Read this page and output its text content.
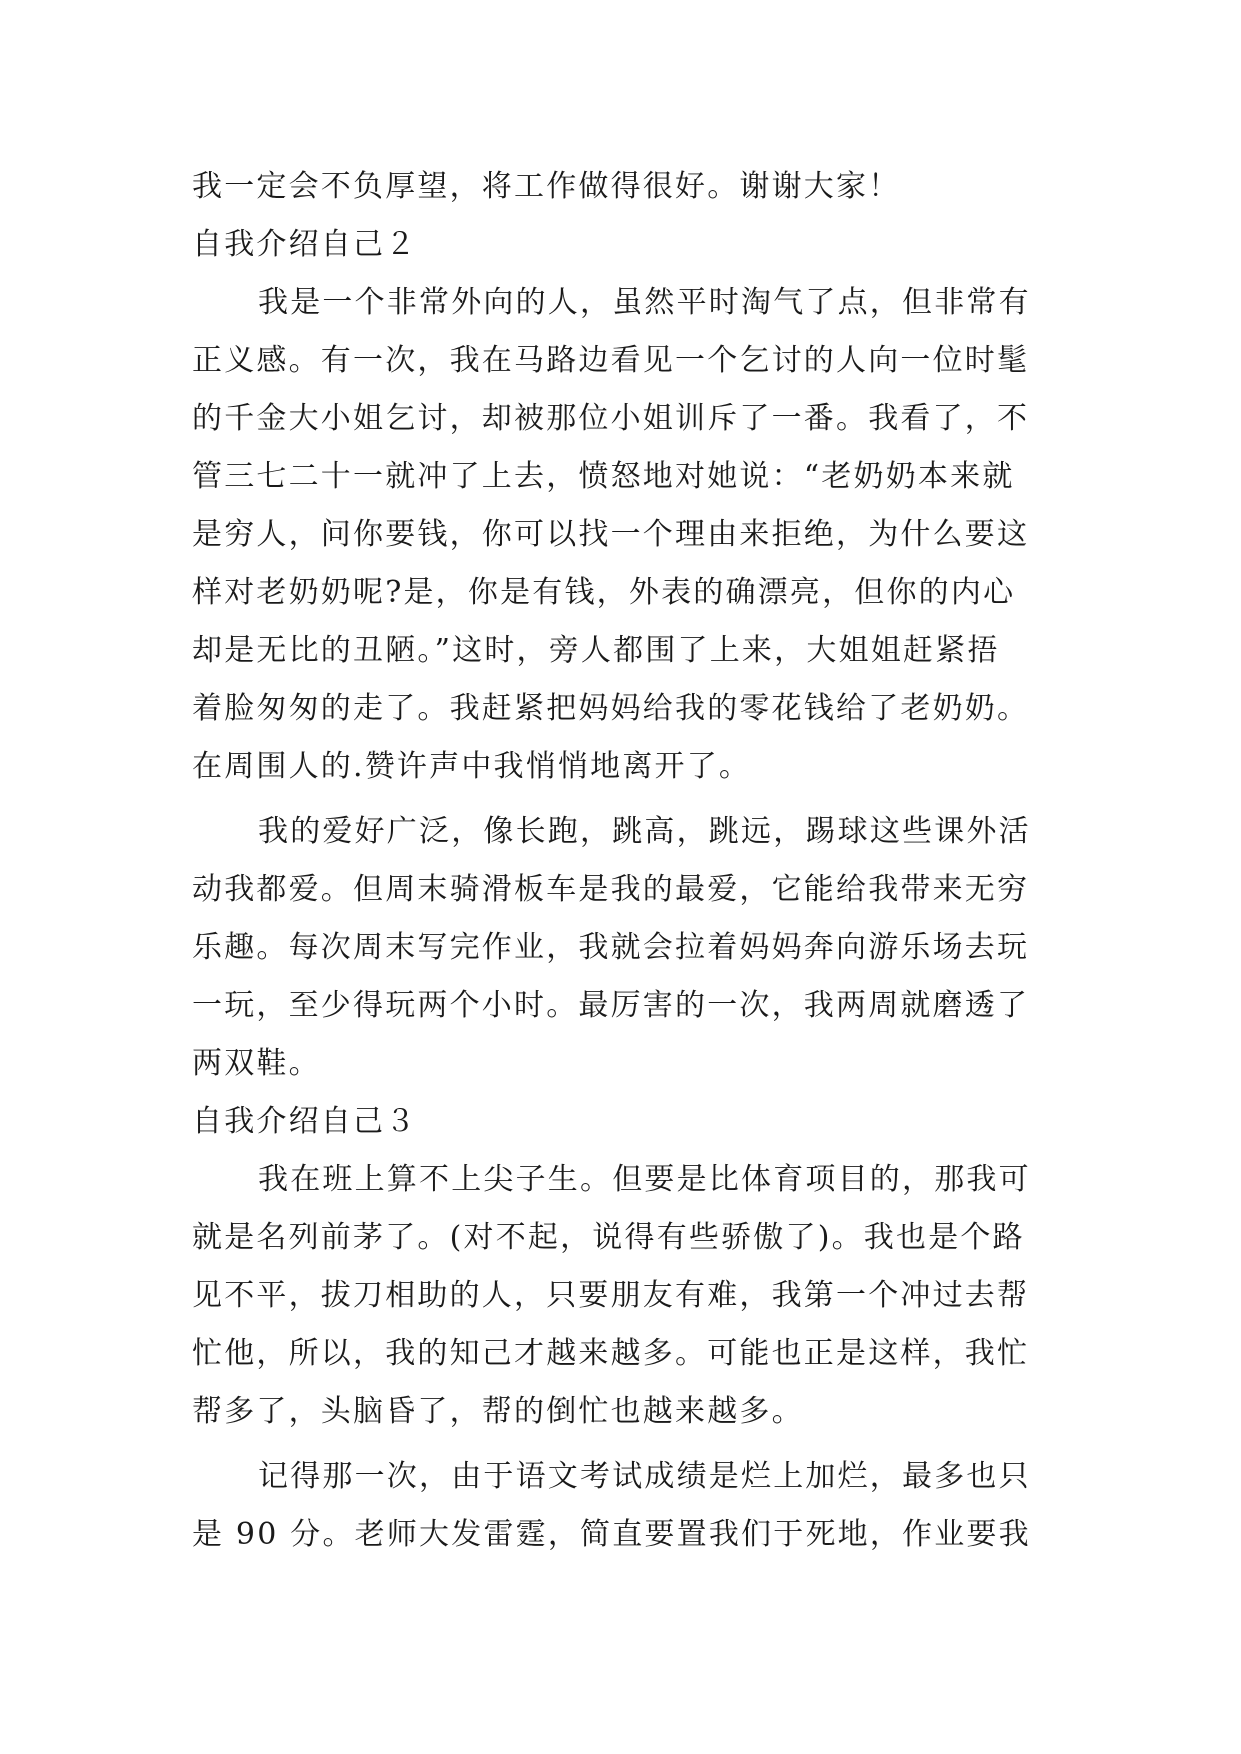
我一定会不负厚望，将工作做得很好。谢谢大家！
自我介绍自己２
我是一个非常外向的人，虽然平时淘气了点，但非常有
正义感。有一次，我在马路边看见一个乞讨的人向一位时髦
的千金大小姐乞讨，却被那位小姐训斥了一番。我看了，不
管三七二十一就冲了上去，愤怒地对她说：“老奶奶本来就
是穷人，问你要钱，你可以找一个理由来拒绝，为什么要这
样对老奶奶呢?是，你是有钱，外表的确漂亮，但你的内心
却是无比的丑陋。”这时，旁人都围了上来，大姐姐赶紧捂
着脸匆匆的走了。我赶紧把妈妈给我的零花钱给了老奶奶。
在周围人的.赞许声中我悄悄地离开了。
我的爱好广泛，像长跑，跳高，跳远，踢球这些课外活
动我都爱。但周末骑滑板车是我的最爱，它能给我带来无穷
乐趣。每次周末写完作业，我就会拉着妈妈奔向游乐场去玩
一玩，至少得玩两个小时。最厉害的一次，我两周就磨透了
两双鞋。
自我介绍自己３
我在班上算不上尖子生。但要是比体育项目的，那我可
就是名列前茅了。(对不起，说得有些骄傲了)。我也是个路
见不平，拔刀相助的人，只要朋友有难，我第一个冲过去帮
忙他，所以，我的知己才越来越多。可能也正是这样，我忙
帮多了，头脑昏了，帮的倒忙也越来越多。
记得那一次，由于语文考试成绩是烂上加烂，最多也只
是 90 分。老师大发雷霆，简直要置我们于死地，作业要我
